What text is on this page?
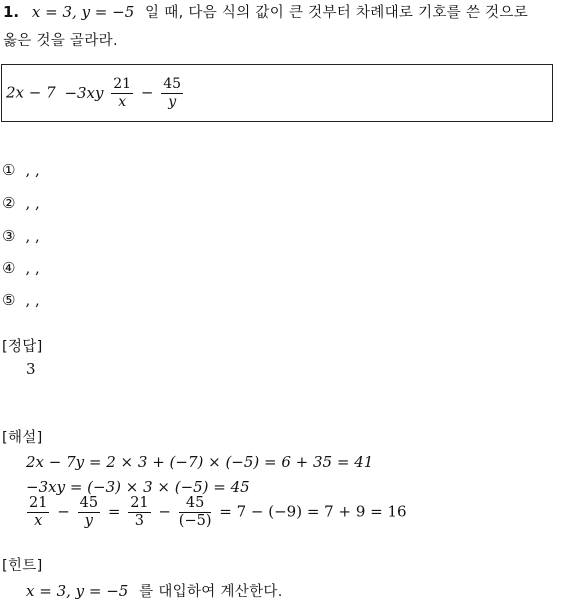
1. x = 3, y = −5 일 때, 다음 식의 값이 큰 것부터 차례대로 기호를 쓴 것으로
옳은 것을 골라라.
$2x - 7 -3xy \frac{21}{x} - \frac{45}{y}$
① , ,
② , ,
③ , ,
④ , ,
⑤ , ,
[정답]
3
[해설]
2x − 7y = 2 × 3 + (−7) × (−5) = 6 + 35 = 41
−3xy = (−3) × 3 × (−5) = 45
$\frac{21}{x} - \frac{45}{y} = \frac{21}{3} - \frac{45}{(-5)} = 7 - (-9) = 7 + 9 = 16$
[힌트]
x = 3, y = −5 를 대입하여 계산한다.
